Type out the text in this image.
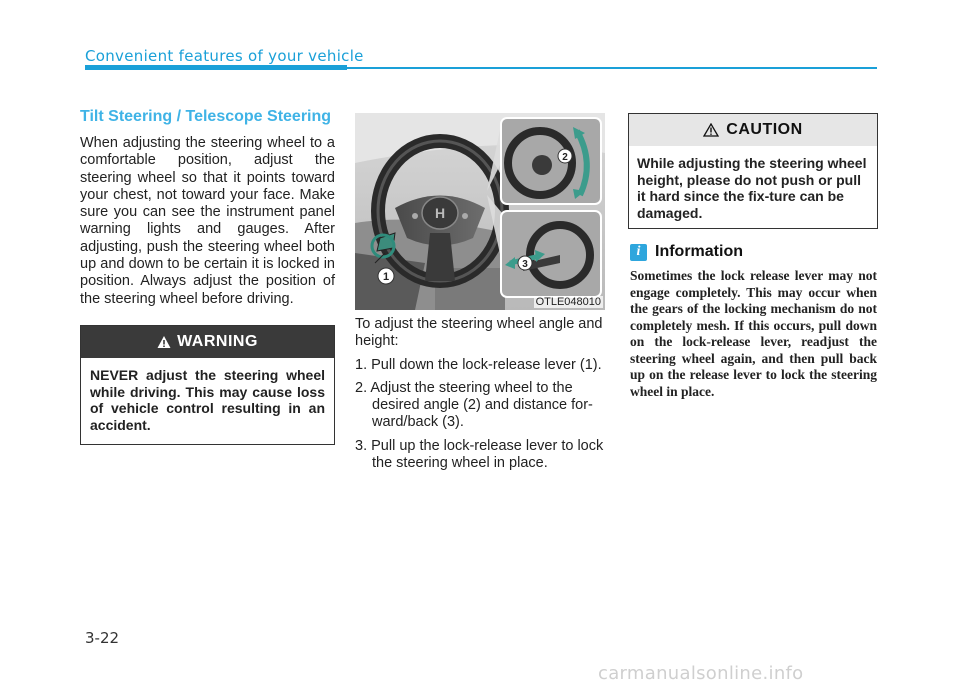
Convenient features of your vehicle
Tilt Steering / Telescope Steering

When adjusting the steering wheel to a comfortable position, adjust the steering wheel so that it points toward your chest, not toward your face. Make sure you can see the instrument panel warning lights and gauges. After adjusting, push the steering wheel both up and down to be certain it is locked in position. Always adjust the position of the steering wheel before driving.

WARNING
NEVER adjust the steering wheel while driving. This may cause loss of vehicle control resulting in an accident.
H
1
2
3
OTLE048010

To adjust the steering wheel angle and height:

1. Pull down the lock-release lever (1).
2. Adjust the steering wheel to the desired angle (2) and distance for-ward/back (3).
3. Pull up the lock-release lever to lock the steering wheel in place.
CAUTION
While adjusting the steering wheel height, please do not push or pull it hard since the fix-ture can be damaged.
i Information

Sometimes the lock release lever may not engage completely. This may occur when the gears of the locking mechanism do not completely mesh. If this occurs, pull down on the lock-release lever, readjust the steering wheel again, and then pull back up on the release lever to lock the steering wheel in place.

3-22
carmanualsonline.info
